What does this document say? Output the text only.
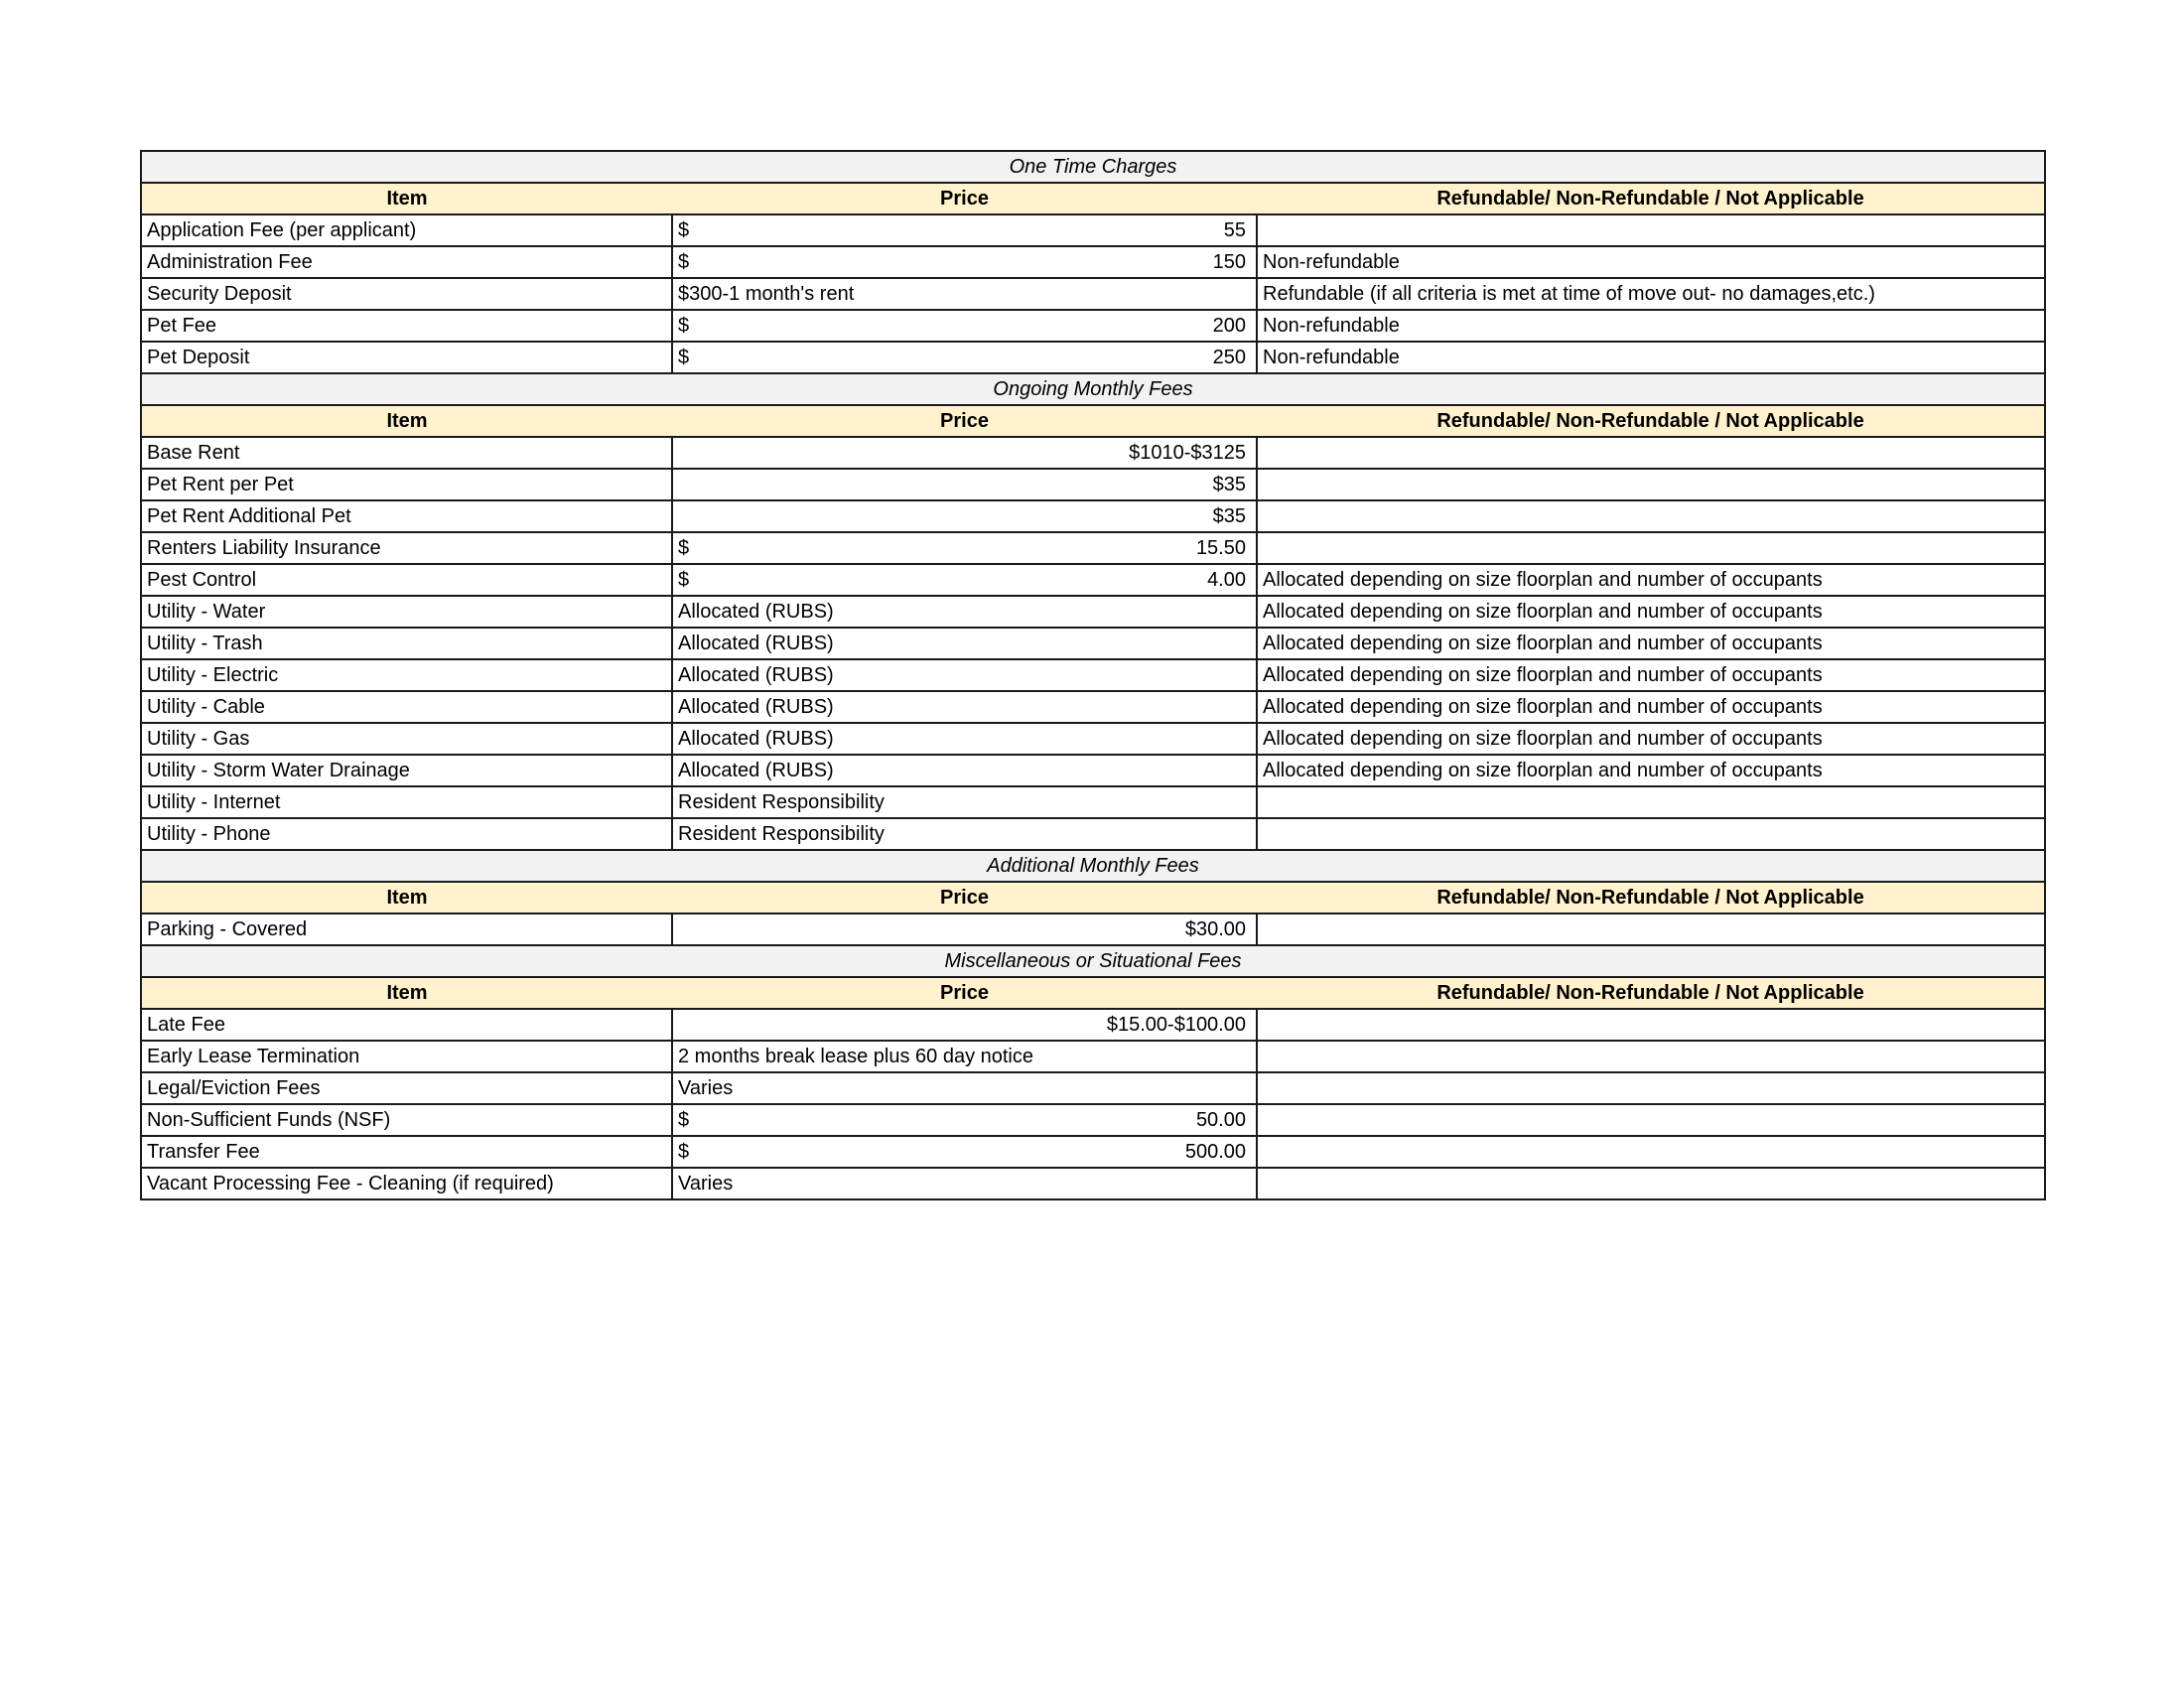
One Time Charges		
Item	Price	Refundable/ Non-Refundable / Not Applicable
Application Fee (per applicant)	$ 55	

Administration Fee	$ 150	Non-refundable
Security Deposit	$300-1 month's rent	Refundable (if all criteria is met at time of move out- no damages,etc.)
Pet Fee	$ 200	Non-refundable
Pet Deposit	$ 250	Non-refundable
Ongoing Monthly Fees		
Item	Price	Refundable/ Non-Refundable / Not Applicable
Base Rent	$1010-$3125	

Pet Rent per Pet	$35	

Pet Rent Additional Pet	$35	

Renters Liability Insurance	$ 15.50	

Pest Control	$ 4.00	Allocated depending on size floorplan and number of occupants
Utility - Water	Allocated (RUBS)	Allocated depending on size floorplan and number of occupants
Utility - Trash	Allocated (RUBS)	Allocated depending on size floorplan and number of occupants
Utility - Electric	Allocated (RUBS)	Allocated depending on size floorplan and number of occupants
Utility - Cable	Allocated (RUBS)	Allocated depending on size floorplan and number of occupants
Utility - Gas	Allocated (RUBS)	Allocated depending on size floorplan and number of occupants
Utility - Storm Water Drainage	Allocated (RUBS)	Allocated depending on size floorplan and number of occupants
Utility - Internet	Resident Responsibility	
Utility - Phone	Resident Responsibility	
Additional Monthly Fees		
Item	Price	Refundable/ Non-Refundable / Not Applicable
Parking - Covered	$30.00	

Miscellaneous or Situational Fees		
Item	Price	Refundable/ Non-Refundable / Not Applicable
Late Fee	$15.00-$100.00	

Early Lease Termination	2 months break lease plus 60 day notice	
Legal/Eviction Fees	Varies	
Non-Sufficient Funds (NSF)	$ 50.00	

Transfer Fee	$ 500.00	

Vacant Processing Fee - Cleaning (if required)	Varies	
